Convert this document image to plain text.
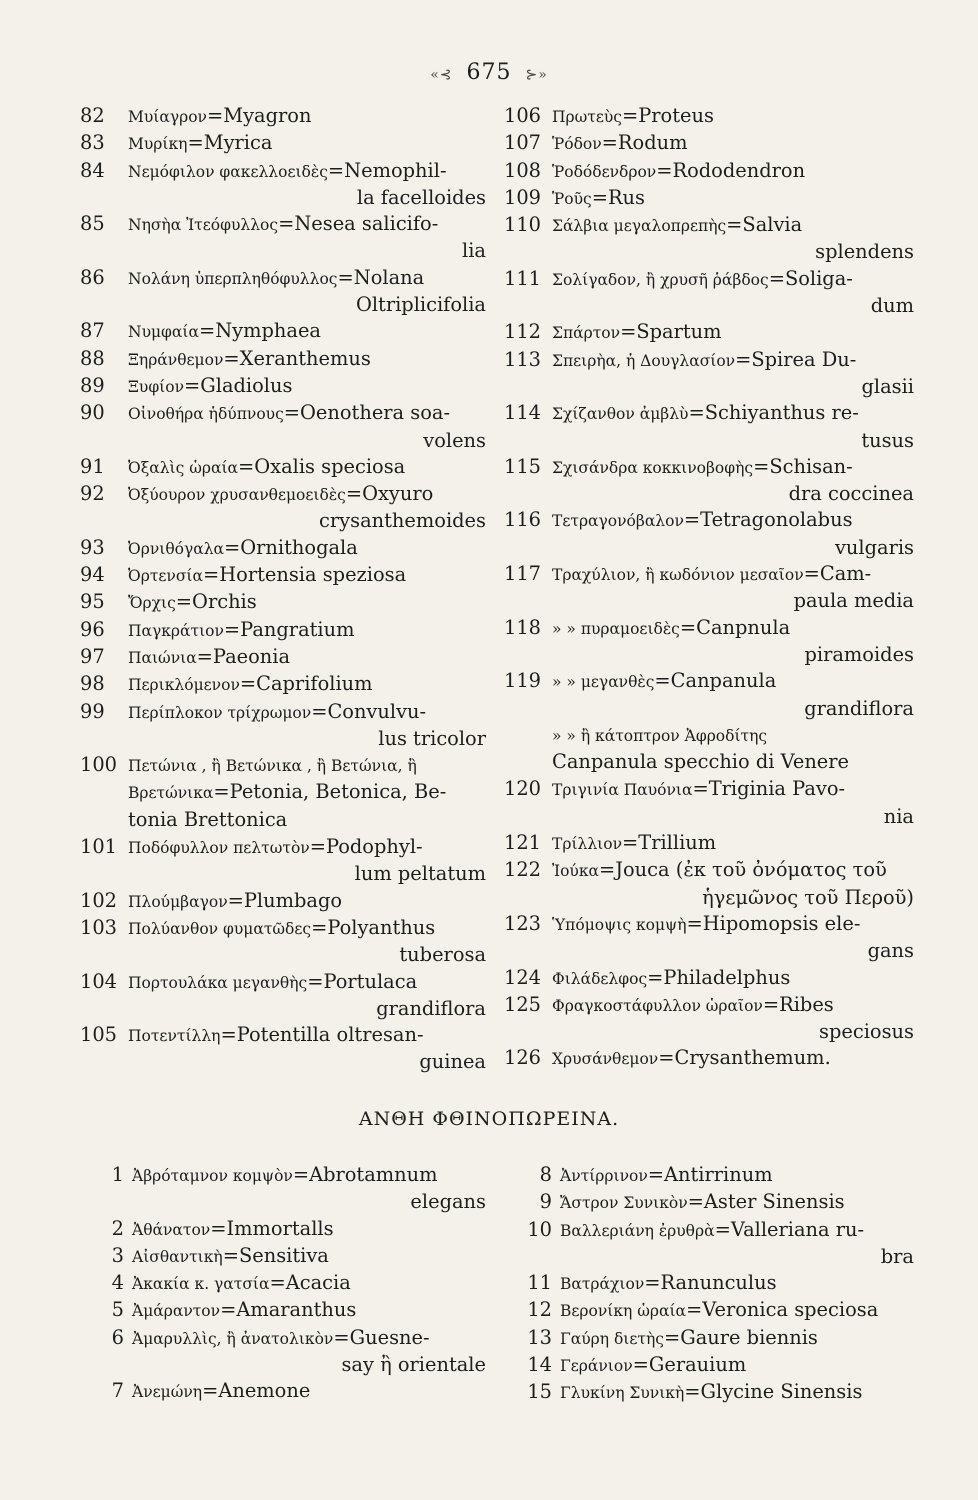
«⊰ 675 ⊱»
82	Μυίαγρον=Myagron
83	Μυρίκη=Myrica
84	Νεμόφιλον φακελλοειδὲς=Nemophil-
la facelloides
85	Νησὴα Ἰτεόφυλλος=Nesea salicifo-
lia
86	Νολάνη ὑπερπληθόφυλλος=Nolana
Oltriplicifolia
87	Νυμφαία=Nymphaea
88	Ξηράνθεμον=Xeranthemus
89	Ξυφίον=Gladiolus
90	Οἰνοθήρα ἡδύπνους=Oenothera soa-
volens
91	Ὀξαλὶς ὡραία=Oxalis speciosa
92	Ὀξύουρον χρυσανθεμοειδὲς=Oxyuro
crysanthemoides
93	Ὀρνιθόγαλα=Ornithogala
94	Ὀρτενσία=Hortensia speziosa
95	Ὄρχις=Orchis
96	Παγκράτιον=Pangratium
97	Παιώνια=Paeonia
98	Περικλόμενον=Caprifolium
99	Περίπλοκον τρίχρωμον=Convulvu-
lus tricolor
100 Πετώνια , ἢ Βετώνικα , ἢ Βετώνια, ἢ
Βρετώνικα=Petonia, Betonica, Be-
tonia Brettonica
101 Ποδόφυλλον πελτωτὸν=Podophyl-
lum peltatum
102 Πλούμβαγον=Plumbago
103 Πολύανθον φυματῶδες=Polyanthus
tuberosa
104 Πορτουλάκα μεγανθὴς=Portulaca
grandiflora
105 Ποτεντίλλη=Potentilla oltresan-
guinea
106 Πρωτεὺς=Proteus
107 Ῥόδον=Rodum
108 Ῥοδόδενδρον=Rododendron
109 Ῥοῦς=Rus
110 Σάλβια μεγαλοπρεπὴς=Salvia
splendens
111 Σολίγαδον, ἢ χρυσῆ ῥάβδος=Soliga-
dum
112 Σπάρτον=Spartum
113 Σπειρὴα, ἡ Δουγλασίον=Spirea Du-
glasii
114 Σχίζανθον ἀμβλὺ=Schiyanthus re-
tusus
115 Σχισάνδρα κοκκινοβοφὴς=Schisan-
dra coccinea
116 Τετραγονόβαλον=Tetragonolabus
vulgaris
117 Τραχύλιον, ἢ κωδόνιον μεσαῖον=Cam-
paula media
118 » » πυραμοειδὲς=Canpnula
piramoides
119 » » μεγανθὲς=Canpanula
grandiflora
» » ἢ κάτοπτρον Ἀφροδίτης
Canpanula specchio di Venere
120 Τριγινία Παυόνια=Triginia Pavo-
nia
121 Τρίλλιον=Trillium
122 Ἰούκα=Jouca (ἐκ τοῦ ὀνόματος τοῦ
ἡγεμῶνος τοῦ Περοῦ)
123 Ὑπόμοψις κομψὴ=Hipomopsis ele-
gans
124 Φιλάδελφος=Philadelphus
125 Φραγκοστάφυλλον ὡραῖον=Ribes
speciosus
126 Χρυσάνθεμον=Crysanthemum.
ΑΝΘΗ ΦΘΙΝΟΠΩΡΕΙΝΑ.
1 Ἀβρόταμνον κομψὸν=Abrotamnum
elegans
2 Ἀθάνατον=Immortalls
3 Αἰσθαντικὴ=Sensitiva
4 Ἀκακία κ. γατσία=Acacia
5 Ἀμάραντον=Amaranthus
6 Ἀμαρυλλὶς, ἢ ἀνατολικὸν=Guesne-
say ἢ orientale
7 Ἀνεμώνη=Anemone
8 Ἀντίρρινον=Antirrinum
9 Ἄστρον Συνικὸν=Aster Sinensis
10 Βαλλεριάνη ἐρυθρὰ=Valleriana ru-
bra
11 Βατράχιον=Ranunculus
12 Βερονίκη ὡραία=Veronica speciosa
13 Γαύρη διετὴς=Gaure biennis
14 Γεράνιον=Gerauium
15 Γλυκίνη Συνικὴ=Glycine Sinensis
